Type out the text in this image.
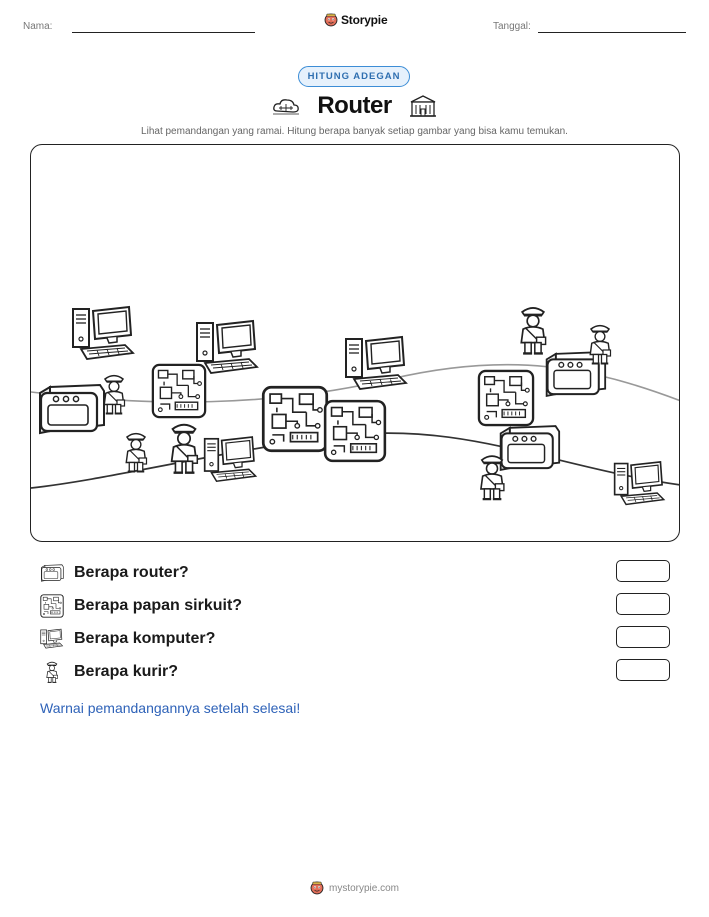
Nama:	Storypie	Tanggal:
HITUNG ADEGAN
Router
Lihat pemandangan yang ramai. Hitung berapa banyak setiap gambar yang bisa kamu temukan.
Berapa router?
Berapa papan sirkuit?
Berapa komputer?
Berapa kurir?
Warnai pemandangannya setelah selesai!
mystorypie.com
